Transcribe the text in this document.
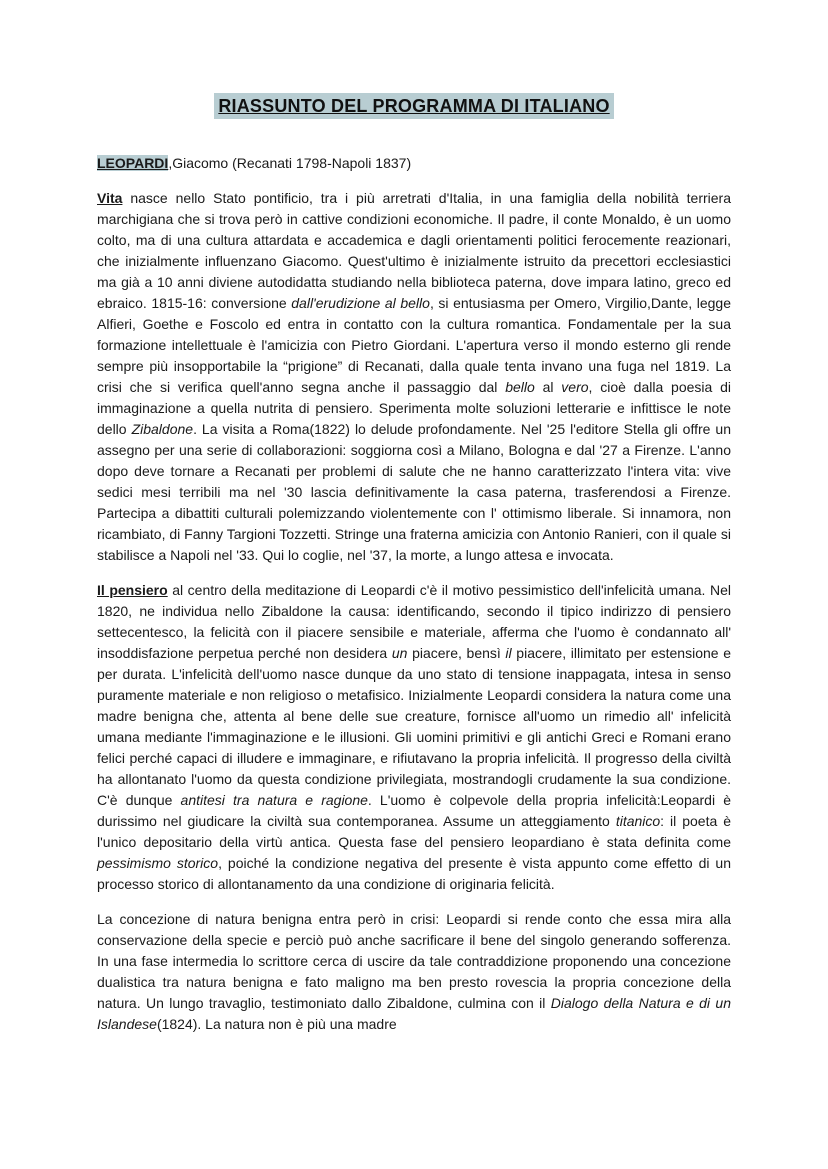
RIASSUNTO DEL PROGRAMMA DI ITALIANO
LEOPARDI,Giacomo (Recanati 1798-Napoli 1837)

Vita nasce nello Stato pontificio, tra i più arretrati d'Italia, in una famiglia della nobilità terriera marchigiana che si trova però in cattive condizioni economiche. Il padre, il conte Monaldo, è un uomo colto, ma di una cultura attardata e accademica e dagli orientamenti politici ferocemente reazionari, che inizialmente influenzano Giacomo. Quest'ultimo è inizialmente istruito da precettori ecclesiastici ma già a 10 anni diviene autodidatta studiando nella biblioteca paterna, dove impara latino, greco ed ebraico. 1815-16: conversione dall'erudizione al bello, si entusiasma per Omero, Virgilio,Dante, legge Alfieri, Goethe e Foscolo ed entra in contatto con la cultura romantica. Fondamentale per la sua formazione intellettuale è l'amicizia con Pietro Giordani. L'apertura verso il mondo esterno gli rende sempre più insopportabile la “prigione” di Recanati, dalla quale tenta invano una fuga nel 1819. La crisi che si verifica quell'anno segna anche il passaggio dal bello al vero, cioè dalla poesia di immaginazione a quella nutrita di pensiero. Sperimenta molte soluzioni letterarie e infittisce le note dello Zibaldone. La visita a Roma(1822) lo delude profondamente. Nel '25 l'editore Stella gli offre un assegno per una serie di collaborazioni: soggiorna così a Milano, Bologna e dal '27 a Firenze. L'anno dopo deve tornare a Recanati per problemi di salute che ne hanno caratterizzato l'intera vita: vive sedici mesi terribili ma nel '30 lascia definitivamente la casa paterna, trasferendosi a Firenze. Partecipa a dibattiti culturali polemizzando violentemente con l' ottimismo liberale. Si innamora, non ricambiato, di Fanny Targioni Tozzetti. Stringe una fraterna amicizia con Antonio Ranieri, con il quale si stabilisce a Napoli nel '33. Qui lo coglie, nel '37, la morte, a lungo attesa e invocata.

Il pensiero al centro della meditazione di Leopardi c'è il motivo pessimistico dell'infelicità umana. Nel 1820, ne individua nello Zibaldone la causa: identificando, secondo il tipico indirizzo di pensiero settecentesco, la felicità con il piacere sensibile e materiale, afferma che l'uomo è condannato all' insoddisfazione perpetua perché non desidera un piacere, bensì il piacere, illimitato per estensione e per durata. L'infelicità dell'uomo nasce dunque da uno stato di tensione inappagata, intesa in senso puramente materiale e non religioso o metafisico. Inizialmente Leopardi considera la natura come una madre benigna che, attenta al bene delle sue creature, fornisce all'uomo un rimedio all' infelicità umana mediante l'immaginazione e le illusioni. Gli uomini primitivi e gli antichi Greci e Romani erano felici perché capaci di illudere e immaginare, e rifiutavano la propria infelicità. Il progresso della civiltà ha allontanato l'uomo da questa condizione privilegiata, mostrandogli crudamente la sua condizione. C'è dunque antitesi tra natura e ragione. L'uomo è colpevole della propria infelicità:Leopardi è durissimo nel giudicare la civiltà sua contemporanea. Assume un atteggiamento titanico: il poeta è l'unico depositario della virtù antica. Questa fase del pensiero leopardiano è stata definita come pessimismo storico, poiché la condizione negativa del presente è vista appunto come effetto di un processo storico di allontanamento da una condizione di originaria felicità.

La concezione di natura benigna entra però in crisi: Leopardi si rende conto che essa mira alla conservazione della specie e perciò può anche sacrificare il bene del singolo generando sofferenza. In una fase intermedia lo scrittore cerca di uscire da tale contraddizione proponendo una concezione dualistica tra natura benigna e fato maligno ma ben presto rovescia la propria concezione della natura. Un lungo travaglio, testimoniato dallo Zibaldone, culmina con il Dialogo della Natura e di un Islandese(1824). La natura non è più una madre
